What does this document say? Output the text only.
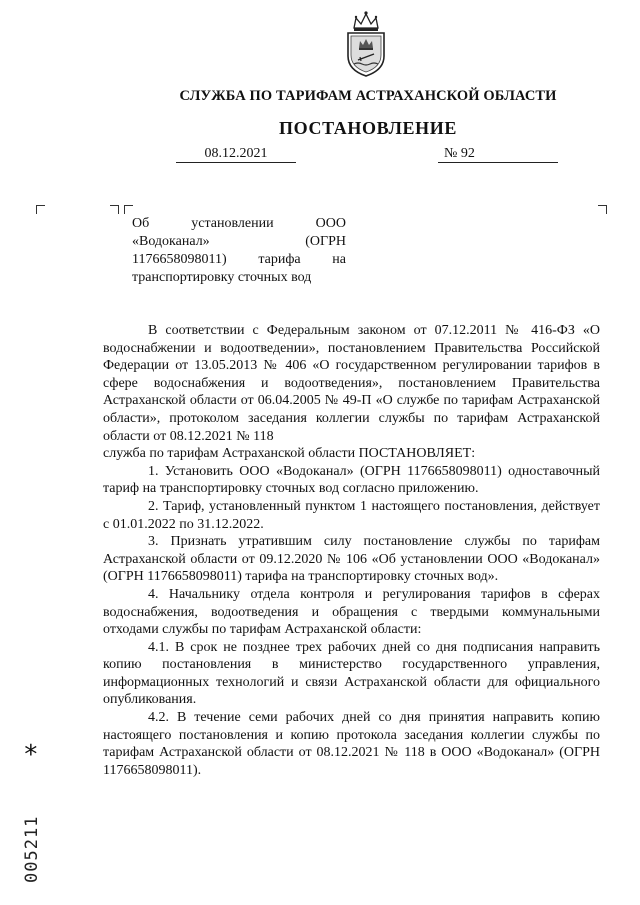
СЛУЖБА ПО ТАРИФАМ АСТРАХАНСКОЙ ОБЛАСТИ
ПОСТАНОВЛЕНИЕ
08.12.2021	№ 92
Об установлении ООО «Водоканал» (ОГРН 1176658098011) тарифа на транспортировку сточных вод

В соответствии с Федеральным законом от 07.12.2011 № 416-ФЗ «О водоснабжении и водоотведении», постановлением Правительства Российской Федерации от 13.05.2013 № 406 «О государственном регулировании тарифов в сфере водоснабжения и водоотведения», постановлением Правительства Астраханской области от 06.04.2005 № 49-П «О службе по тарифам Астраханской области», протоколом заседания коллегии службы по тарифам Астраханской области от 08.12.2021 № 118

служба по тарифам Астраханской области ПОСТАНОВЛЯЕТ:

1. Установить ООО «Водоканал» (ОГРН 1176658098011) одноставочный тариф на транспортировку сточных вод согласно приложению.

2. Тариф, установленный пунктом 1 настоящего постановления, действует с 01.01.2022 по 31.12.2022.

3. Признать утратившим силу постановление службы по тарифам Астраханской области от 09.12.2020 № 106 «Об установлении ООО «Водоканал» (ОГРН 1176658098011) тарифа на транспортировку сточных вод».

4. Начальнику отдела контроля и регулирования тарифов в сферах водоснабжения, водоотведения и обращения с твердыми коммунальными отходами службы по тарифам Астраханской области:

4.1. В срок не позднее трех рабочих дней со дня подписания направить копию постановления в министерство государственного управления, информационных технологий и связи Астраханской области для официального опубликования.

4.2. В течение семи рабочих дней со дня принятия направить копию настоящего постановления и копию протокола заседания коллегии службы по тарифам Астраханской области от 08.12.2021 № 118 в ООО «Водоканал» (ОГРН 1176658098011).

*
005211
